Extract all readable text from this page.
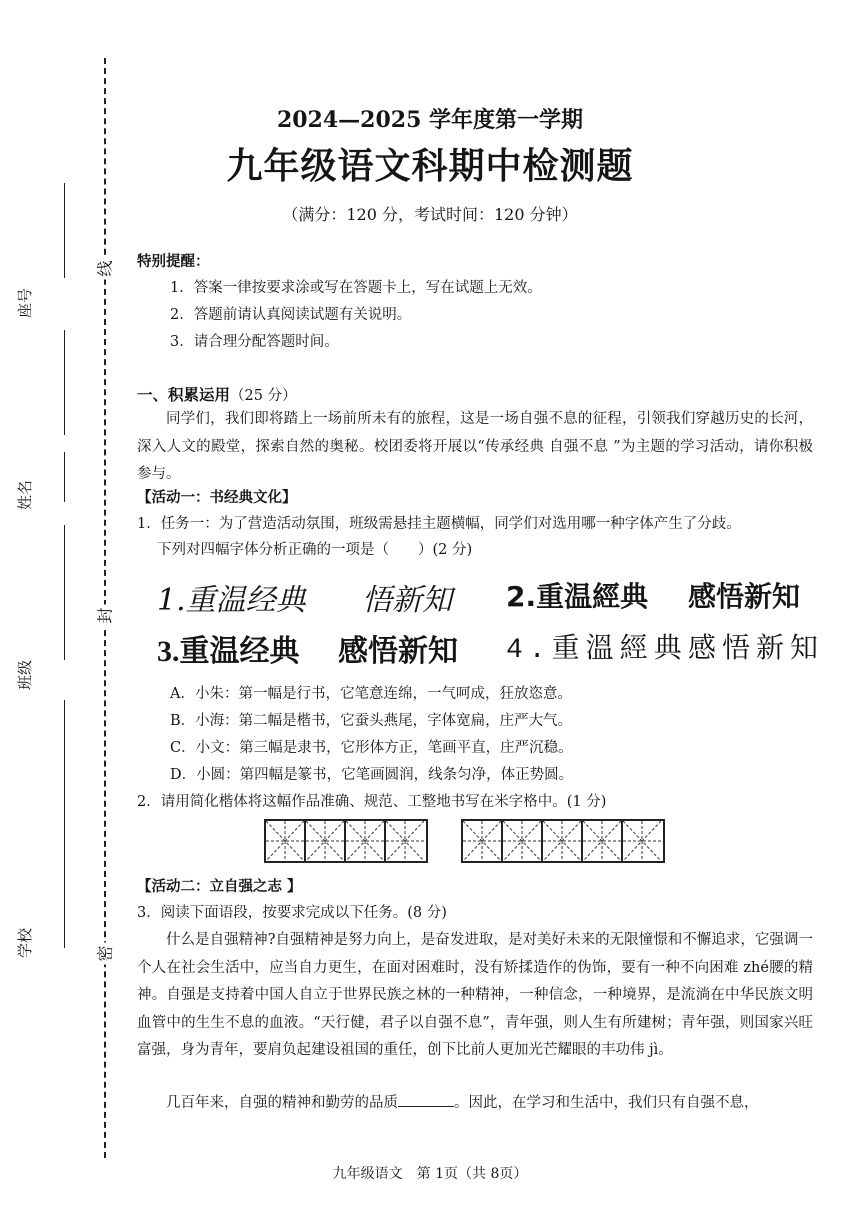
线
封
密
座号
姓名
班级
学校
2024—2025 学年度第一学期
九年级语文科期中检测题
（满分：120 分，考试时间：120 分钟）
特别提醒：
1．答案一律按要求涂或写在答题卡上，写在试题上无效。
2．答题前请认真阅读试题有关说明。
3．请合理分配答题时间。
一、积累运用（25 分）
同学们，我们即将踏上一场前所未有的旅程，这是一场自强不息的征程，引领我们穿越历史的长河，深入人文的殿堂，探索自然的奥秘。校团委将开展以“传承经典 自强不息 ”为主题的学习活动，请你积极参与。
【活动一：书经典文化】
1．任务一：为了营造活动氛围，班级需悬挂主题横幅，同学们对选用哪一种字体产生了分歧。
下列对四幅字体分析正确的一项是（　　）(2 分)
1.重温经典 悟新知 2.重温經典 感悟新知
3.重温经典 感悟新知 4.重溫經典 感悟新知
A．小朱：第一幅是行书，它笔意连绵，一气呵成，狂放恣意。
B．小海：第二幅是楷书，它蚕头燕尾，字体宽扁，庄严大气。
C．小文：第三幅是隶书，它形体方正，笔画平直，庄严沉稳。
D．小圆：第四幅是篆书，它笔画圆润，线条匀净，体正势圆。
2．请用简化楷体将这幅作品准确、规范、工整地书写在米字格中。(1 分)
【活动二：立自强之志 】
3．阅读下面语段，按要求完成以下任务。(8 分)
什么是自强精神?自强精神是努力向上，是奋发进取，是对美好未来的无限憧憬和不懈追求，它强调一个人在社会生活中，应当自力更生，在面对困难时，没有矫揉造作的伪饰，要有一种不向困难 zhé腰的精神。自强是支持着中国人自立于世界民族之林的一种精神，一种信念，一种境界，是流淌在中华民族文明血管中的生生不息的血液。“天行健，君子以自强不息”，青年强，则人生有所建树；青年强，则国家兴旺富强，身为青年，要肩负起建设祖国的重任，创下比前人更加光芒耀眼的丰功伟 jì。
几百年来，自强的精神和勤劳的品质	。因此，在学习和生活中，我们只有自强不息，
九年级语文　第 1页（共 8页）
